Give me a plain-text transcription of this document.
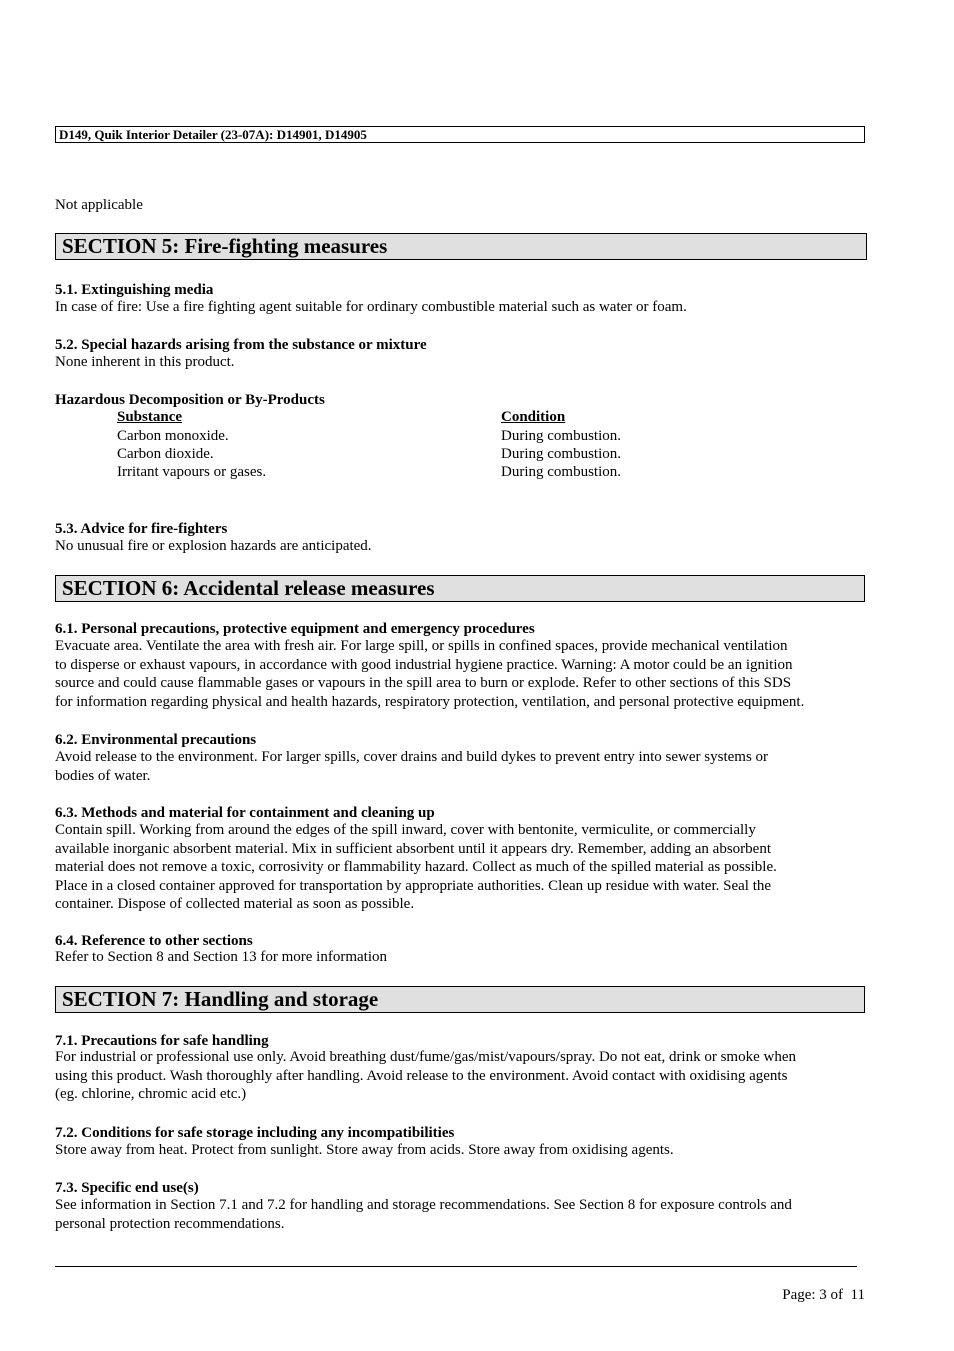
D149, Quik Interior Detailer (23-07A): D14901, D14905
Not applicable
SECTION 5: Fire-fighting measures
5.1. Extinguishing media
In case of fire: Use a fire fighting agent suitable for ordinary combustible material such as water or foam.
5.2. Special hazards arising from the substance or mixture
None inherent in this product.
Hazardous Decomposition or By-Products
Substance	Condition
Carbon monoxide.	During combustion.
Carbon dioxide.	During combustion.
Irritant vapours or gases.	During combustion.
5.3. Advice for fire-fighters
No unusual fire or explosion hazards are anticipated.
SECTION 6: Accidental release measures
6.1. Personal precautions, protective equipment and emergency procedures
Evacuate area. Ventilate the area with fresh air. For large spill, or spills in confined spaces, provide mechanical ventilation
to disperse or exhaust vapours, in accordance with good industrial hygiene practice. Warning: A motor could be an ignition
source and could cause flammable gases or vapours in the spill area to burn or explode. Refer to other sections of this SDS
for information regarding physical and health hazards, respiratory protection, ventilation, and personal protective equipment.
6.2. Environmental precautions
Avoid release to the environment. For larger spills, cover drains and build dykes to prevent entry into sewer systems or
bodies of water.
6.3. Methods and material for containment and cleaning up
Contain spill. Working from around the edges of the spill inward, cover with bentonite, vermiculite, or commercially
available inorganic absorbent material. Mix in sufficient absorbent until it appears dry. Remember, adding an absorbent
material does not remove a toxic, corrosivity or flammability hazard. Collect as much of the spilled material as possible.
Place in a closed container approved for transportation by appropriate authorities. Clean up residue with water. Seal the
container. Dispose of collected material as soon as possible.
6.4. Reference to other sections
Refer to Section 8 and Section 13 for more information
SECTION 7: Handling and storage
7.1. Precautions for safe handling
For industrial or professional use only. Avoid breathing dust/fume/gas/mist/vapours/spray. Do not eat, drink or smoke when
using this product. Wash thoroughly after handling. Avoid release to the environment. Avoid contact with oxidising agents
(eg. chlorine, chromic acid etc.)
7.2. Conditions for safe storage including any incompatibilities
Store away from heat. Protect from sunlight. Store away from acids. Store away from oxidising agents.
7.3. Specific end use(s)
See information in Section 7.1 and 7.2 for handling and storage recommendations. See Section 8 for exposure controls and
personal protection recommendations.
Page: 3 of  11
